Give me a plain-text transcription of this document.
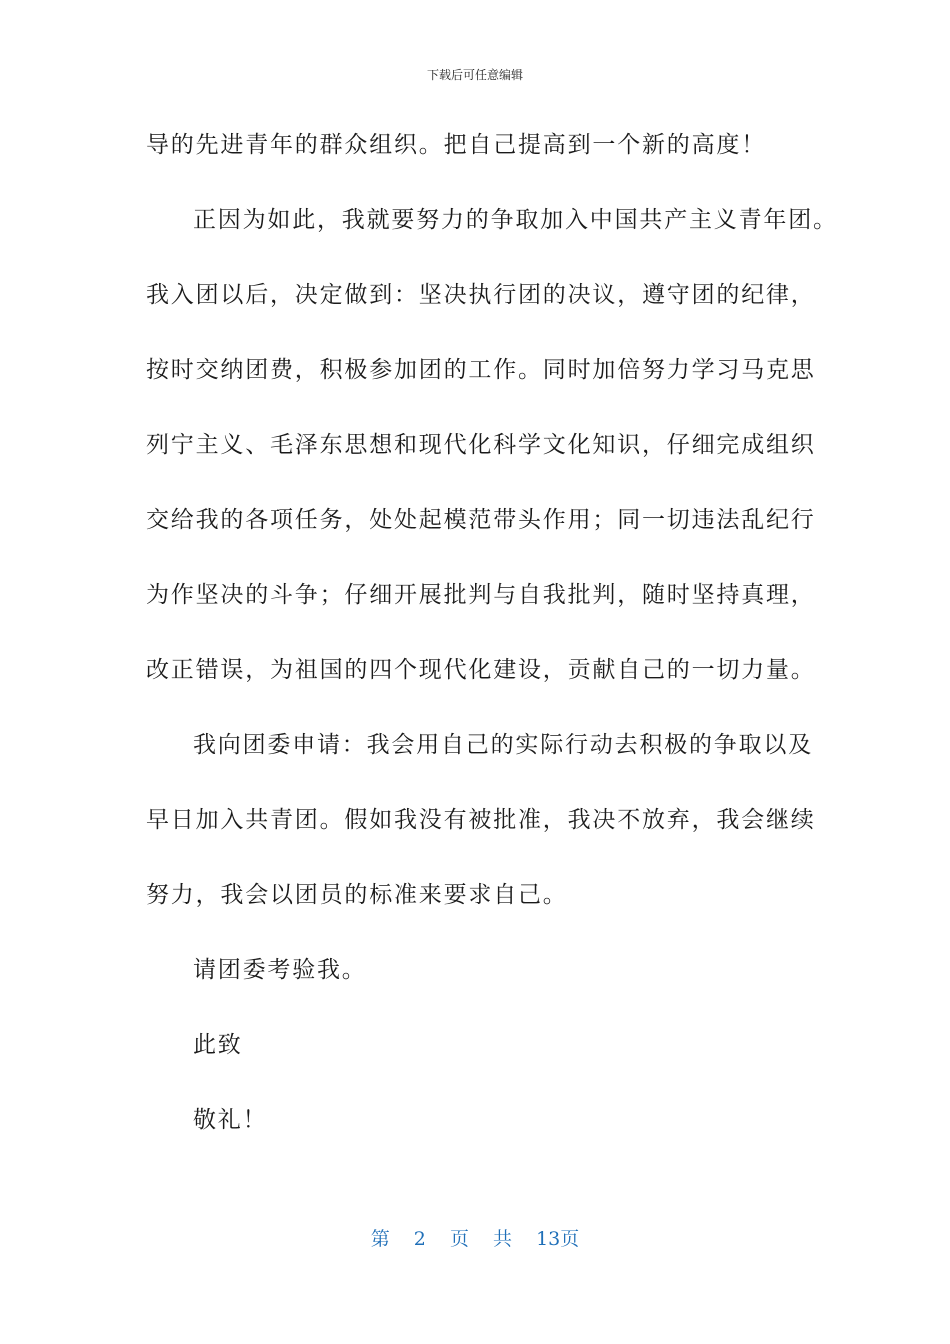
下载后可任意编辑
导的先进青年的群众组织。把自己提高到一个新的高度！
正因为如此，我就要努力的争取加入中国共产主义青年团。
我入团以后，决定做到：坚决执行团的决议，遵守团的纪律，
按时交纳团费，积极参加团的工作。同时加倍努力学习马克思
列宁主义、毛泽东思想和现代化科学文化知识，仔细完成组织
交给我的各项任务，处处起模范带头作用；同一切违法乱纪行
为作坚决的斗争；仔细开展批判与自我批判，随时坚持真理，
改正错误，为祖国的四个现代化建设，贡献自己的一切力量。
我向团委申请：我会用自己的实际行动去积极的争取以及
早日加入共青团。假如我没有被批准，我决不放弃，我会继续
努力，我会以团员的标准来要求自己。
请团委考验我。
此致
敬礼！
第 2 页 共 13页
